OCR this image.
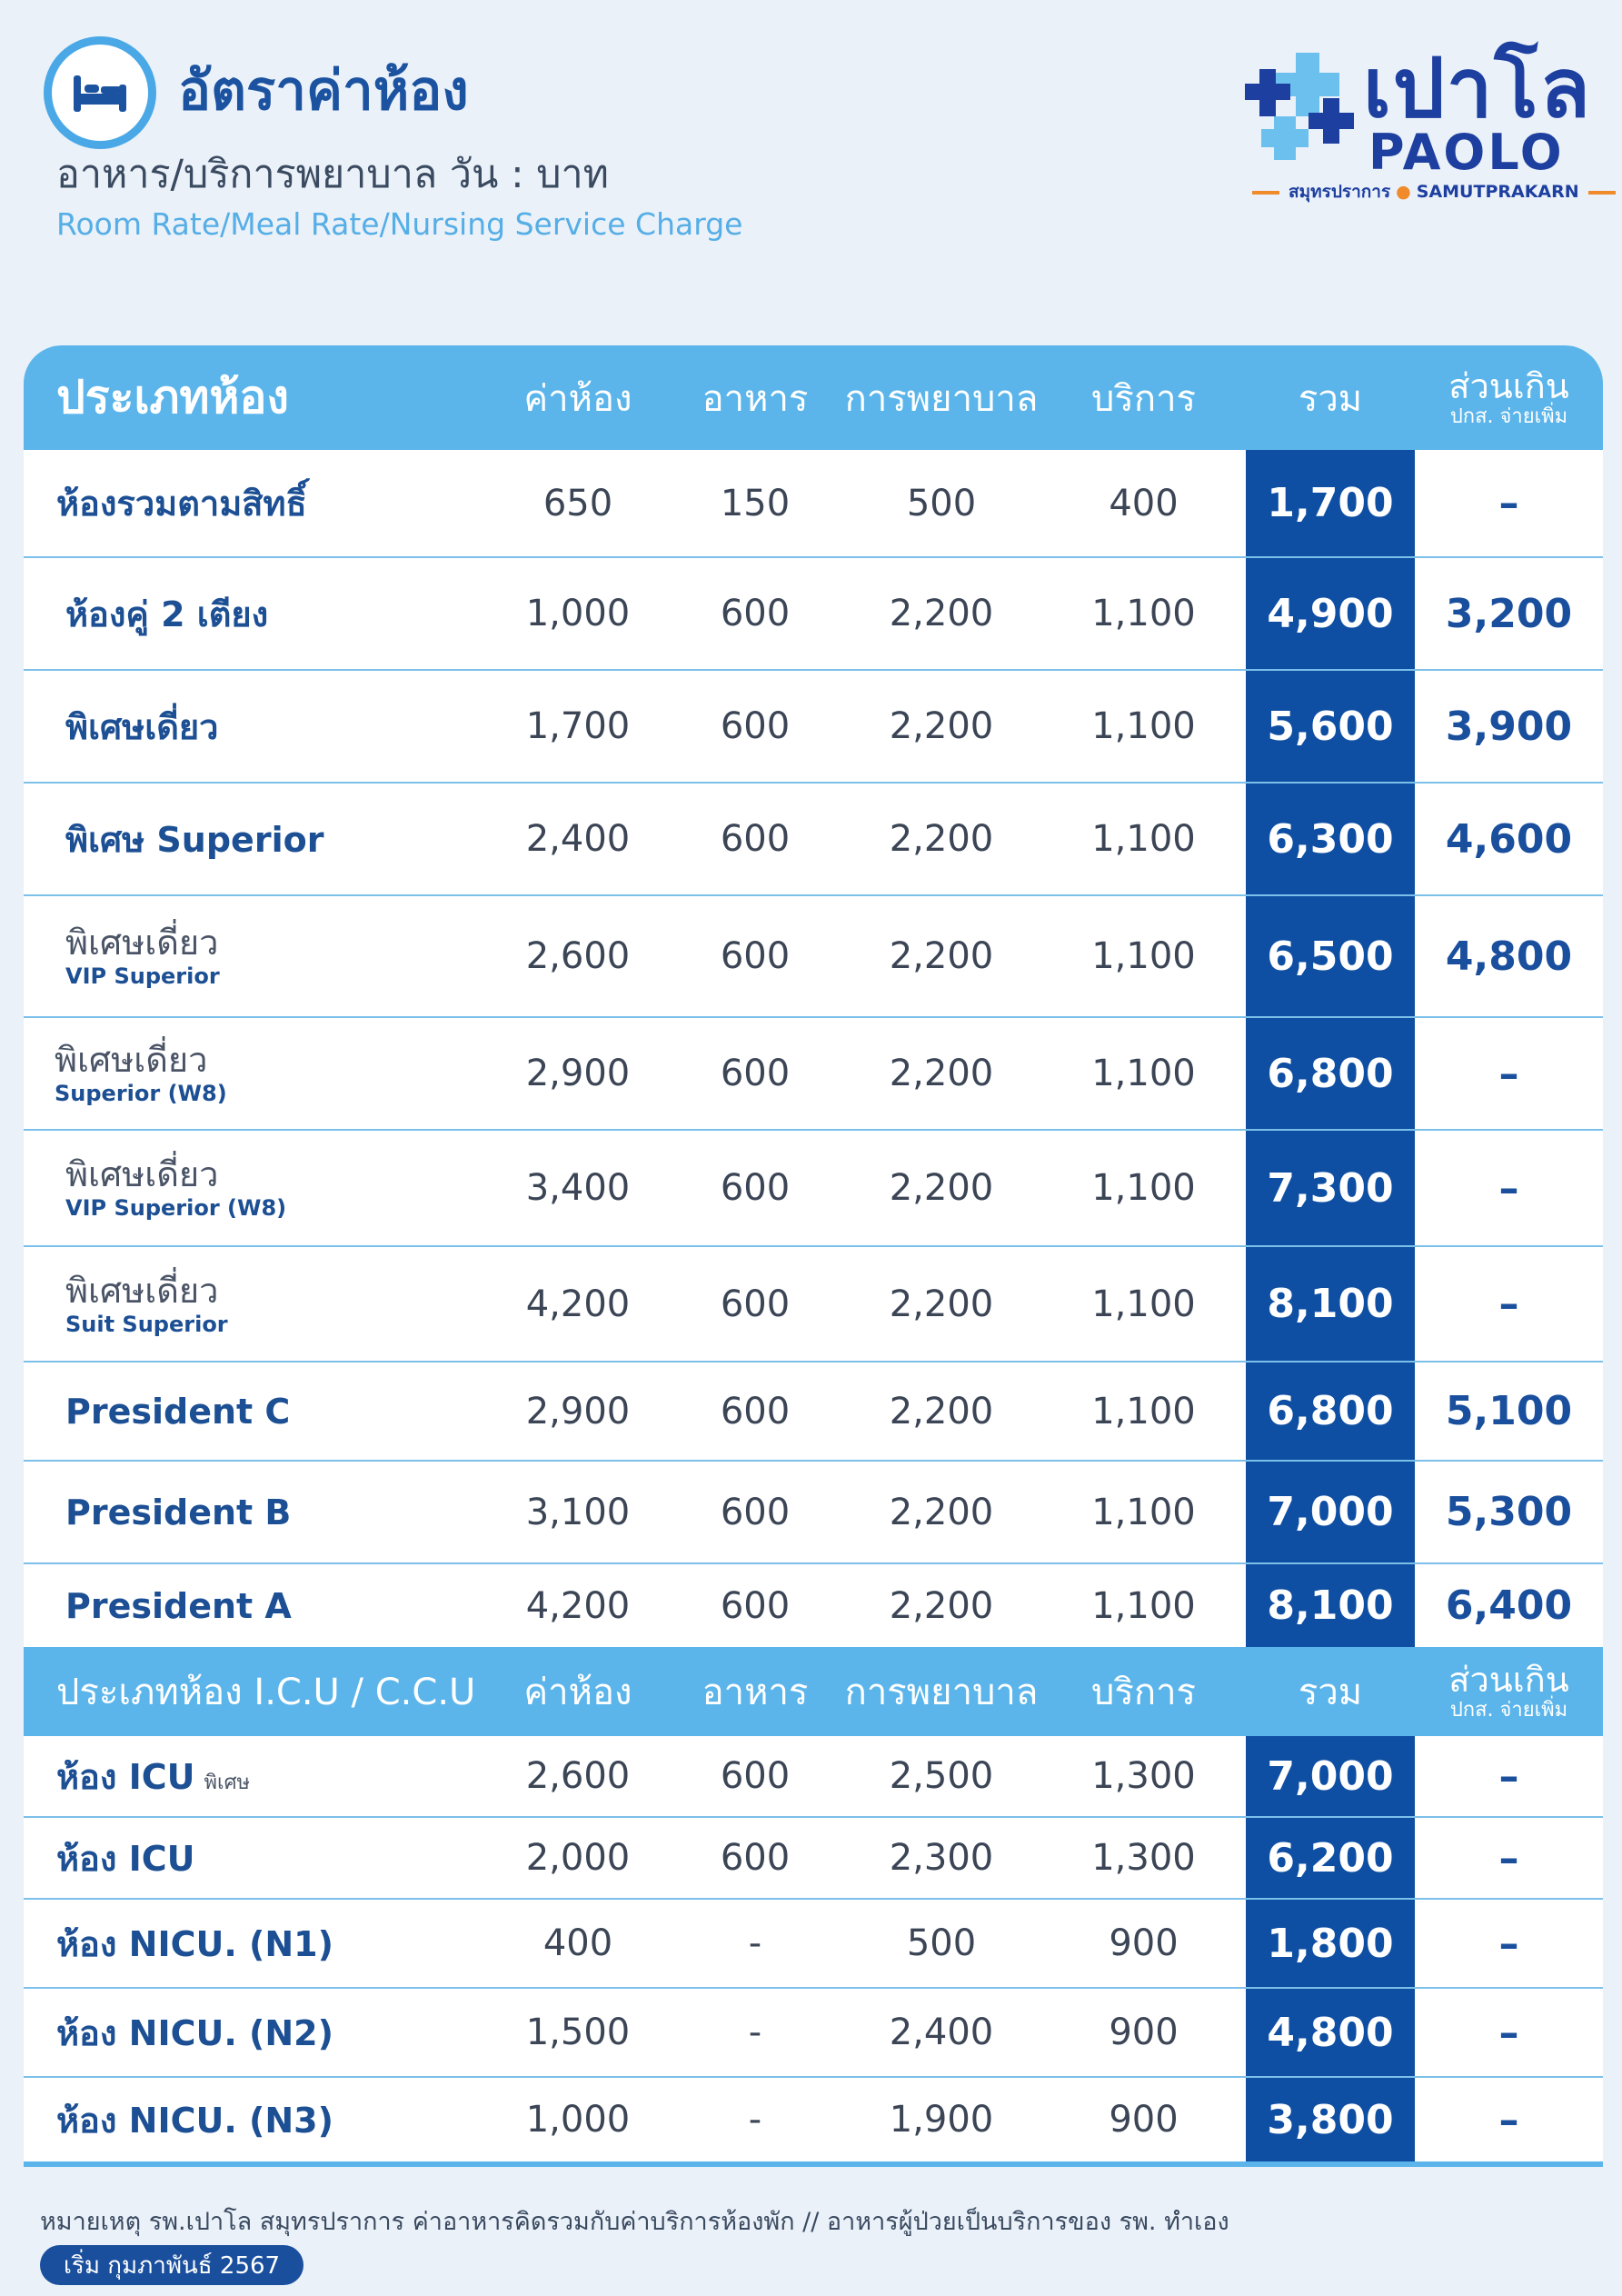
อัตราค่าห้อง
อาหาร/บริการพยาบาล วัน : บาท
Room Rate/Meal Rate/Nursing Service Charge
เปาโล
PAOLO
สมุทรปราการ ● SAMUTPRAKARN
ประเภทห้อง	ค่าห้อง	อาหาร	การพยาบาล	บริการ	รวม	ส่วนเกิน
ปกส. จ่ายเพิ่ม
ห้องรวมตามสิทธิ์	650	150	500	400	1,700	–
ห้องคู่ 2 เตียง	1,000	600	2,200	1,100	4,900	3,200
พิเศษเดี่ยว	1,700	600	2,200	1,100	5,600	3,900
พิเศษ Superior	2,400	600	2,200	1,100	6,300	4,600
พิเศษเดี่ยว
VIP Superior	2,600	600	2,200	1,100	6,500	4,800
พิเศษเดี่ยว
Superior (W8)	2,900	600	2,200	1,100	6,800	–
พิเศษเดี่ยว
VIP Superior (W8)	3,400	600	2,200	1,100	7,300	–
พิเศษเดี่ยว
Suit Superior	4,200	600	2,200	1,100	8,100	–
President C	2,900	600	2,200	1,100	6,800	5,100
President B	3,100	600	2,200	1,100	7,000	5,300
President A	4,200	600	2,200	1,100	8,100	6,400
ประเภทห้อง I.C.U / C.C.U	ค่าห้อง	อาหาร	การพยาบาล	บริการ	รวม	ส่วนเกิน
ปกส. จ่ายเพิ่ม
ห้อง ICU พิเศษ	2,600	600	2,500	1,300	7,000	–
ห้อง ICU	2,000	600	2,300	1,300	6,200	–
ห้อง NICU. (N1)	400	-	500	900	1,800	–
ห้อง NICU. (N2)	1,500	-	2,400	900	4,800	–
ห้อง NICU. (N3)	1,000	-	1,900	900	3,800	–
หมายเหตุ รพ.เปาโล สมุทรปราการ ค่าอาหารคิดรวมกับค่าบริการห้องพัก // อาหารผู้ป่วยเป็นบริการของ รพ. ทำเอง
เริ่ม กุมภาพันธ์ 2567
